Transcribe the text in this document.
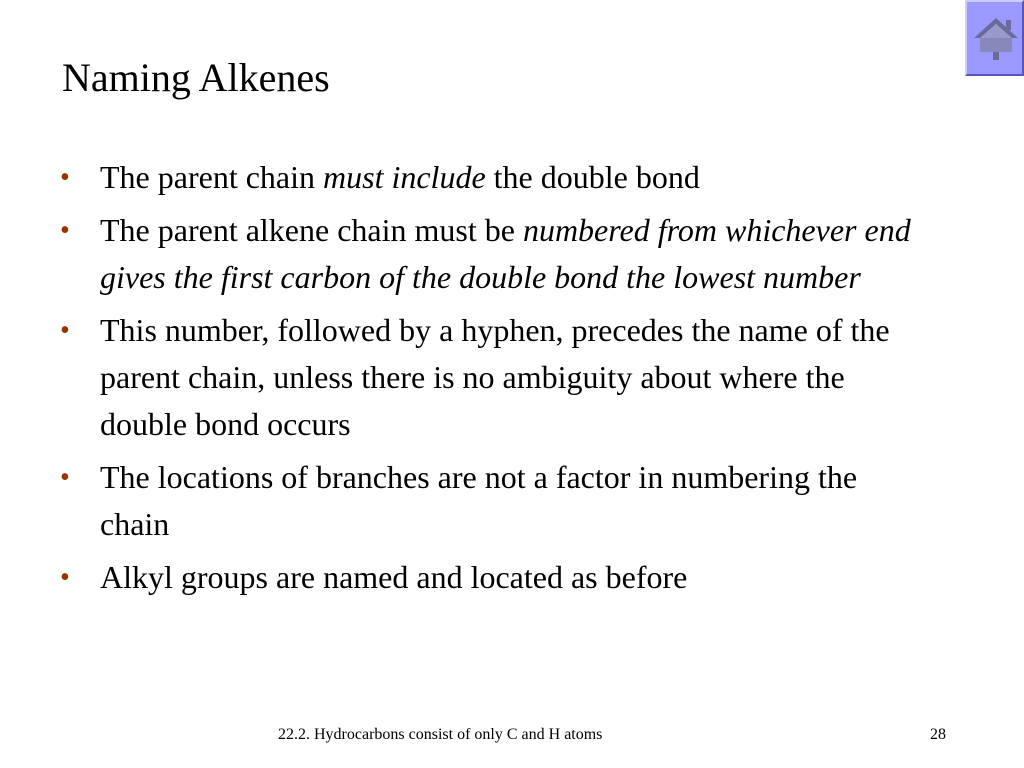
Naming Alkenes
• The parent chain must include the double bond
• The parent alkene chain must be numbered from whichever end gives the first carbon of the double bond the lowest number
• This number, followed by a hyphen, precedes the name of the parent chain, unless there is no ambiguity about where the double bond occurs
• The locations of branches are not a factor in numbering the chain
• Alkyl groups are named and located as before
22.2. Hydrocarbons consist of only C and H atoms	28
